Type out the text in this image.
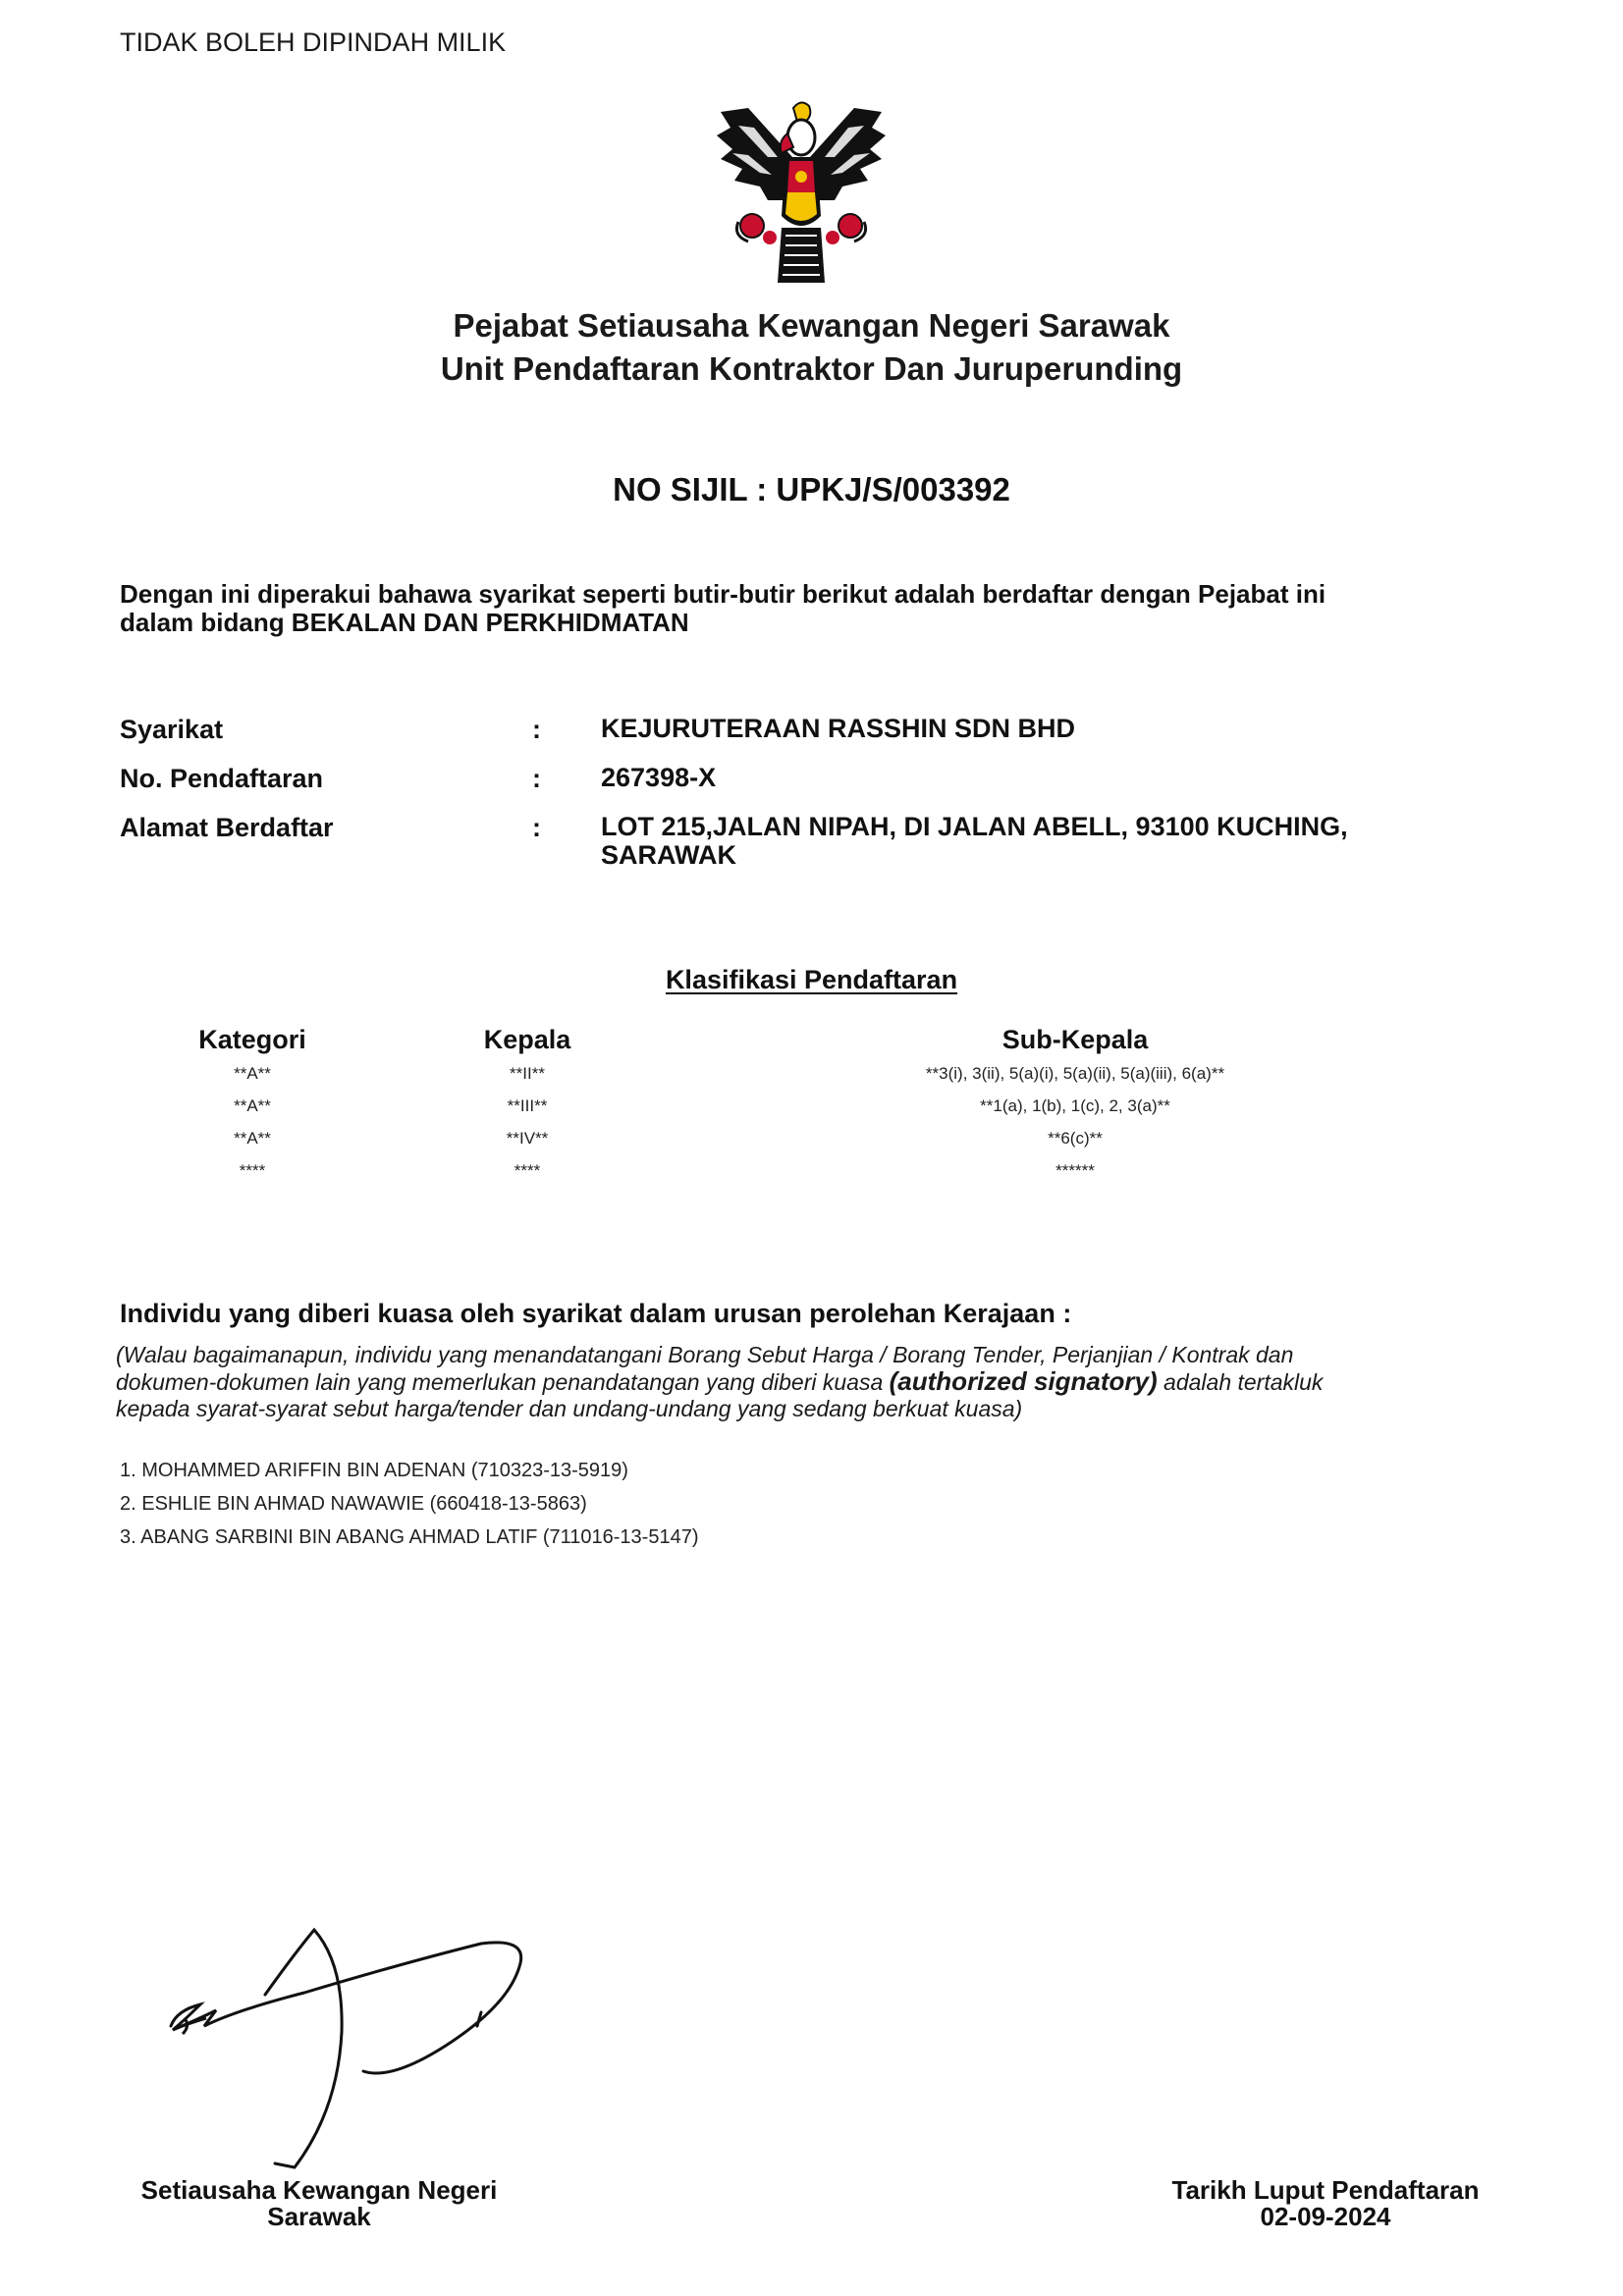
TIDAK BOLEH DIPINDAH MILIK
Pejabat Setiausaha Kewangan Negeri Sarawak
Unit Pendaftaran Kontraktor Dan Juruperunding
NO SIJIL : UPKJ/S/003392
Dengan ini diperakui bahawa syarikat seperti butir-butir berikut adalah berdaftar dengan Pejabat ini
dalam bidang BEKALAN DAN PERKHIDMATAN
Syarikat	: KEJURUTERAAN RASSHIN SDN BHD
No. Pendaftaran	: 267398-X
Alamat Berdaftar	: LOT 215,JALAN NIPAH, DI JALAN ABELL, 93100 KUCHING,
SARAWAK
Klasifikasi Pendaftaran
Kategori	Kepala	Sub-Kepala
**A**	**II**	**3(i), 3(ii), 5(a)(i), 5(a)(ii), 5(a)(iii), 6(a)**
**A**	**III**	**1(a), 1(b), 1(c), 2, 3(a)**
**A**	**IV**	**6(c)**
****	****	******
Individu yang diberi kuasa oleh syarikat dalam urusan perolehan Kerajaan :
(Walau bagaimanapun, individu yang menandatangani Borang Sebut Harga / Borang Tender, Perjanjian / Kontrak dan
dokumen-dokumen lain yang memerlukan penandatangan yang diberi kuasa (authorized signatory) adalah tertakluk
kepada syarat-syarat sebut harga/tender dan undang-undang yang sedang berkuat kuasa)
1. MOHAMMED ARIFFIN BIN ADENAN (710323-13-5919)
2. ESHLIE BIN AHMAD NAWAWIE (660418-13-5863)
3. ABANG SARBINI BIN ABANG AHMAD LATIF (711016-13-5147)
Setiausaha Kewangan Negeri
Sarawak
Tarikh Luput Pendaftaran
02-09-2024
